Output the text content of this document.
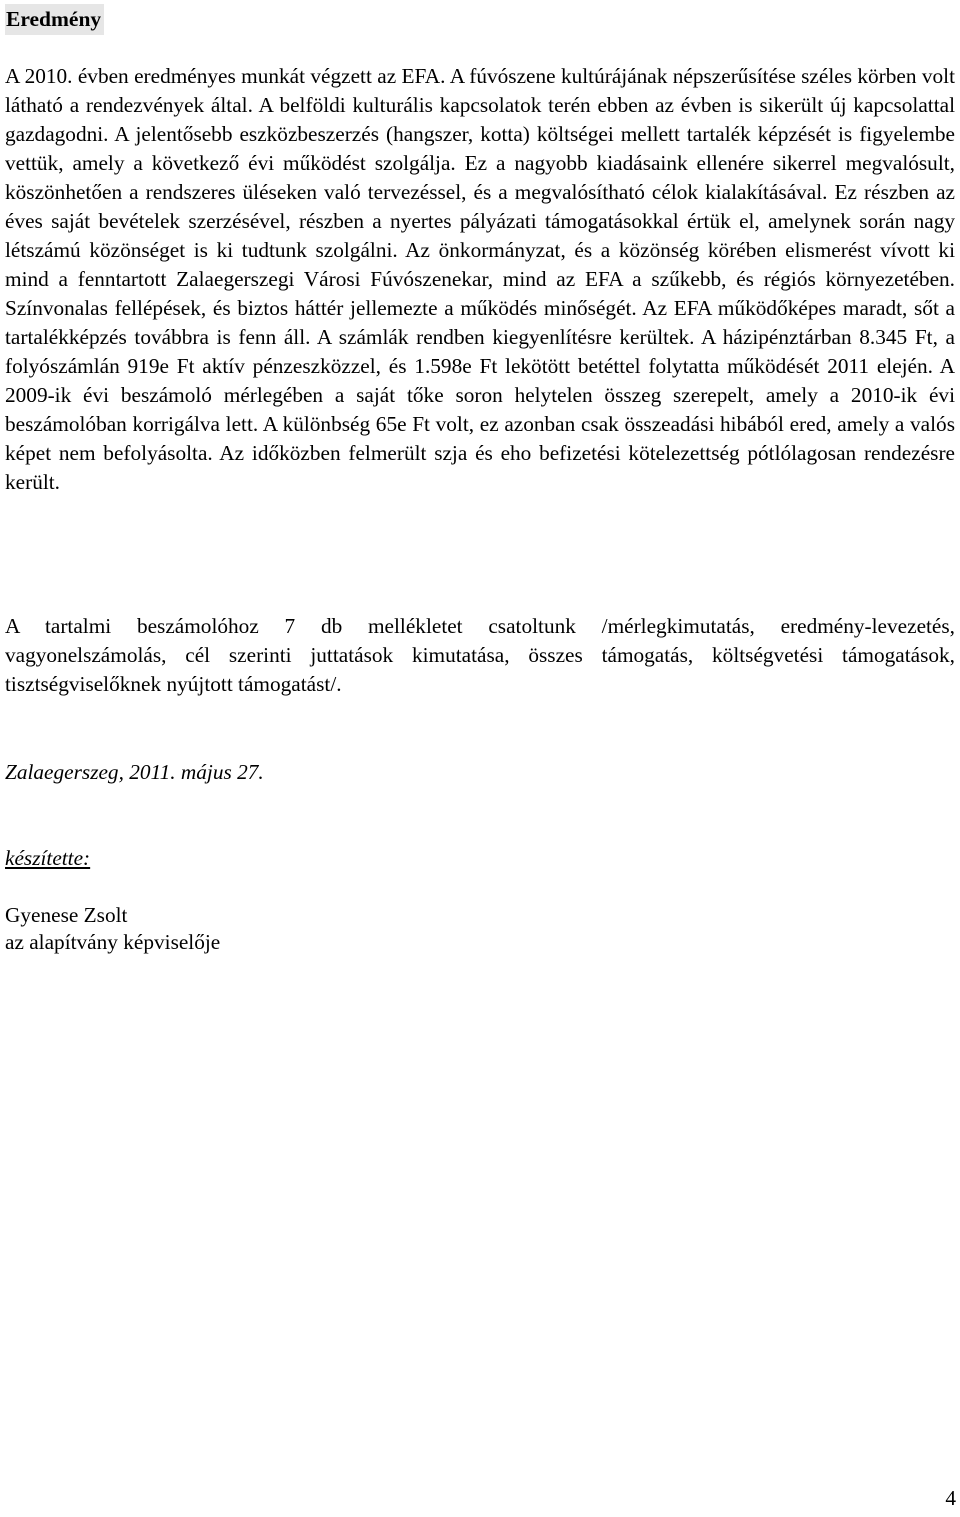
Eredmény

A 2010. évben eredményes munkát végzett az EFA. A fúvószene kultúrájának népszerűsítése széles körben volt látható a rendezvények által. A belföldi kulturális kapcsolatok terén ebben az évben is sikerült új kapcsolattal gazdagodni. A jelentősebb eszközbeszerzés (hangszer, kotta) költségei mellett tartalék képzését is figyelembe vettük, amely a következő évi működést szolgálja. Ez a nagyobb kiadásaink ellenére sikerrel megvalósult, köszönhetően a rendszeres üléseken való tervezéssel, és a megvalósítható célok kialakításával. Ez részben az éves saját bevételek szerzésével, részben a nyertes pályázati támogatásokkal értük el, amelynek során nagy létszámú közönséget is ki tudtunk szolgálni. Az önkormányzat, és a közönség körében elismerést vívott ki mind a fenntartott Zalaegerszegi Városi Fúvószenekar, mind az EFA a szűkebb, és régiós környezetében. Színvonalas fellépések, és biztos háttér jellemezte a működés minőségét. Az EFA működőképes maradt, sőt a tartalékképzés továbbra is fenn áll. A számlák rendben kiegyenlítésre kerültek. A házipénztárban 8.345 Ft, a folyószámlán 919e Ft aktív pénzeszközzel, és 1.598e Ft lekötött betéttel folytatta működését 2011 elején. A 2009-ik évi beszámoló mérlegében a saját tőke soron helytelen összeg szerepelt, amely a 2010-ik évi beszámolóban korrigálva lett. A különbség 65e Ft volt, ez azonban csak összeadási hibából ered, amely a valós képet nem befolyásolta. Az időközben felmerült szja és eho befizetési kötelezettség pótlólagosan rendezésre került.

A tartalmi beszámolóhoz 7 db mellékletet csatoltunk /mérlegkimutatás, eredmény-levezetés, vagyonelszámolás, cél szerinti juttatások kimutatása, összes támogatás, költségvetési támogatások, tisztségviselőknek nyújtott támogatást/.

Zalaegerszeg, 2011. május 27.
készítette:
Gyenese Zsolt
az alapítvány képviselője
4
